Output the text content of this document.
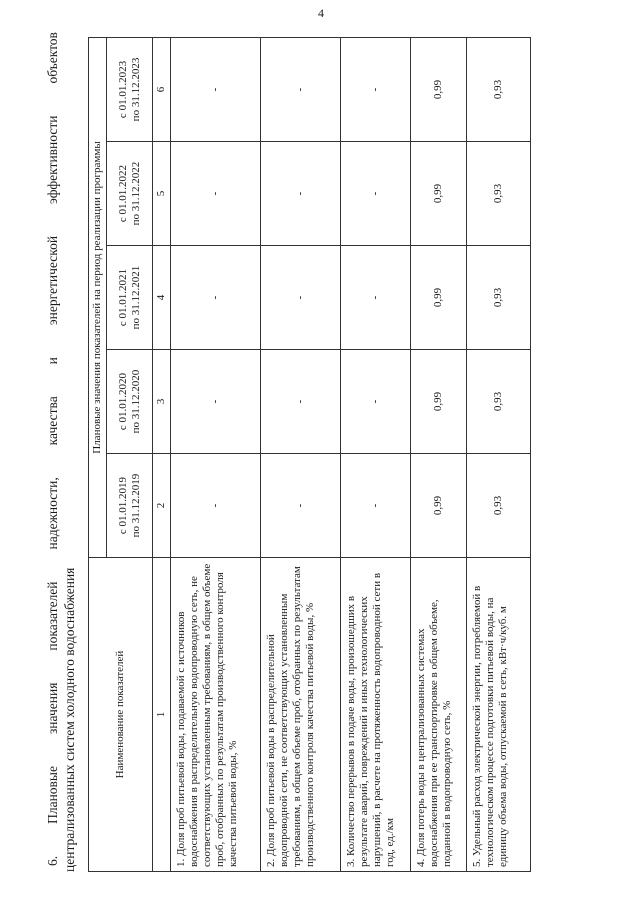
4
6.
Плановые
значения
показателей
надежности,
качества
и
энергетической
эффективности
объектов
централизованных систем холодного водоснабжения	Наименование показателей	Плановые значения показателей на период реализации программы				
	с 01.01.2019
по 31.12.2019	с 01.01.2020
по 31.12.2020	с 01.01.2021
по 31.12.2021	с 01.01.2022
по 31.12.2022	с 01.01.2023
по 31.12.2023
1	2	3	4	5	6
1. Доля проб питьевой воды, подаваемой с источников водоснабжения в распределительную водопроводную сеть, не соответствующих установленным требованиям, в общем объеме проб, отобранных по результатам производственного контроля качества питьевой воды, %	-	-	-	-	-
2. Доля проб питьевой воды в распределительной водопроводной сети, не соответствующих установленным требованиям, в общем объеме проб, отобранных по результатам производственного контроля качества питьевой воды, %	-	-	-	-	-
3. Количество перерывов в подаче воды, произошедших в результате аварий, повреждений и иных технологических нарушений, в расчете на протяженность водопроводной сети в год, ед./км	-	-	-	-	-
4. Доля потерь воды в централизованных системах водоснабжения при ее транспортировке в общем объеме, поданной в водопроводную сеть, %	0,99	0,99	0,99	0,99	0,99
5. Удельный расход электрической энергии, потребляемой в технологическом процессе подготовки питьевой воды, на единицу объема воды, отпускаемой в сеть, кВт·ч/куб. м	0,93	0,93	0,93	0,93	0,93
